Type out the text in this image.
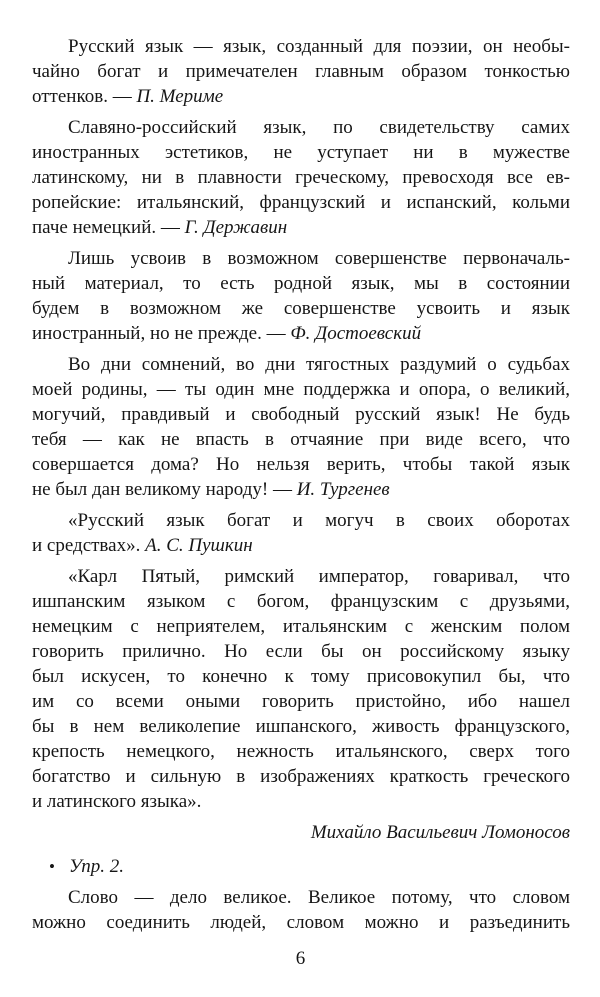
Русский язык — язык, созданный для поэзии, он необы-
чайно богат и примечателен главным образом тонкостью
оттенков. — П. Мериме
Славяно-российский язык, по свидетельству самих
иностранных эстетиков, не уступает ни в мужестве
латинскому, ни в плавности греческому, превосходя все ев-
ропейские: итальянский, французский и испанский, кольми
паче немецкий. — Г. Державин
Лишь усвоив в возможном совершенстве первоначаль-
ный материал, то есть родной язык, мы в состоянии
будем в возможном же совершенстве усвоить и язык
иностранный, но не прежде. — Ф. Достоевский
Во дни сомнений, во дни тягостных раздумий о судьбах
моей родины, — ты один мне поддержка и опора, о великий,
могучий, правдивый и свободный русский язык! Не будь
тебя — как не впасть в отчаяние при виде всего, что
совершается дома? Но нельзя верить, чтобы такой язык
не был дан великому народу! — И. Тургенев
«Русский язык богат и могуч в своих оборотах
и средствах». А. С. Пушкин
«Карл Пятый, римский император, говаривал, что
ишпанским языком с богом, французским с друзьями,
немецким с неприятелем, итальянским с женским полом
говорить прилично. Но если бы он российскому языку
был искусен, то конечно к тому присовокупил бы, что
им со всеми оными говорить пристойно, ибо нашел
бы в нем великолепие ишпанского, живость французского,
крепость немецкого, нежность итальянского, сверх того
богатство и сильную в изображениях краткость греческого
и латинского языка».
Михайло Васильевич Ломоносов
• Упр. 2.
Слово — дело великое. Великое потому, что словом
можно соединить людей, словом можно и разъединить
6
